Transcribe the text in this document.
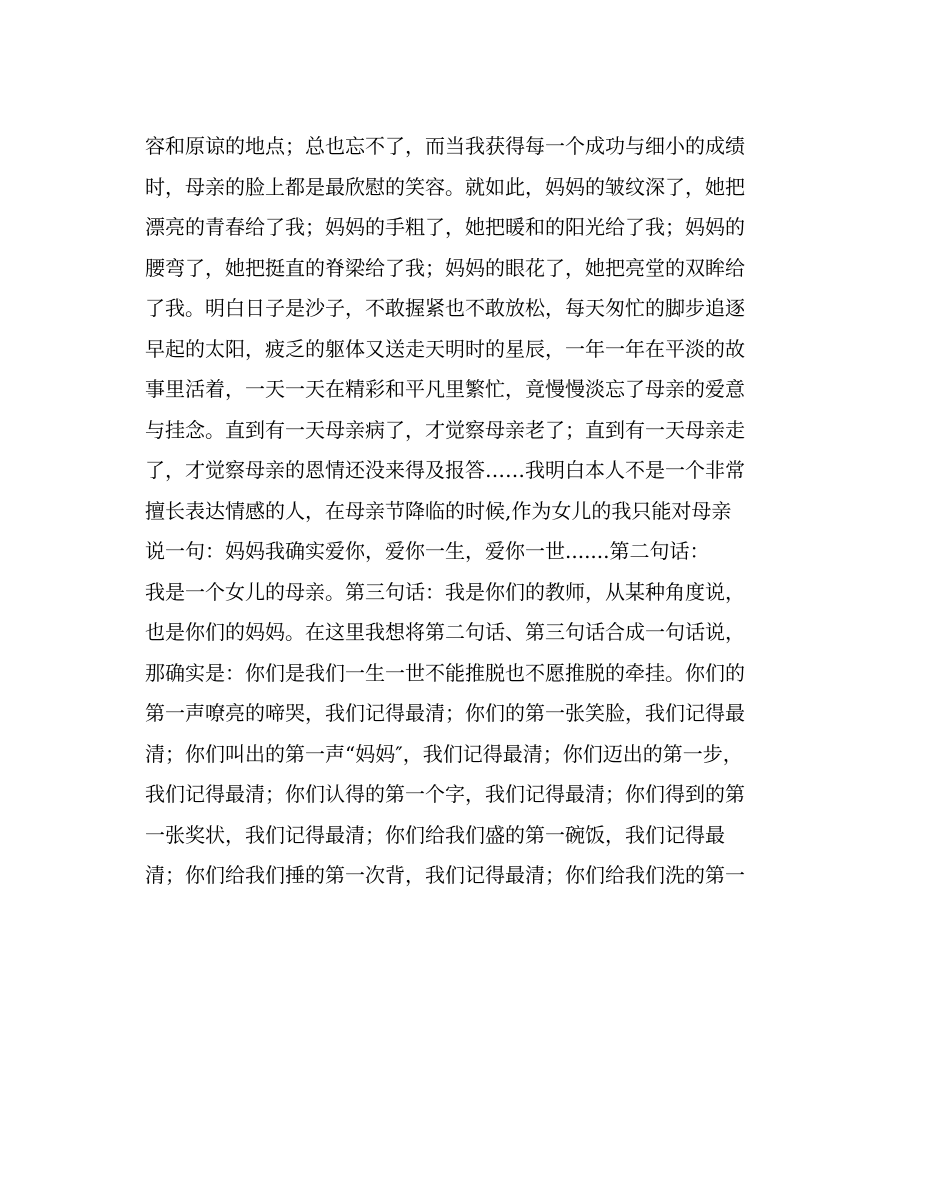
容和原谅的地点；总也忘不了，而当我获得每一个成功与细小的成绩
时，母亲的脸上都是最欣慰的笑容。就如此，妈妈的皱纹深了，她把
漂亮的青春给了我；妈妈的手粗了，她把暖和的阳光给了我；妈妈的
腰弯了，她把挺直的脊梁给了我；妈妈的眼花了，她把亮堂的双眸给
了我。明白日子是沙子，不敢握紧也不敢放松，每天匆忙的脚步追逐
早起的太阳，疲乏的躯体又送走天明时的星辰，一年一年在平淡的故
事里活着，一天一天在精彩和平凡里繁忙，竟慢慢淡忘了母亲的爱意
与挂念。直到有一天母亲病了，才觉察母亲老了；直到有一天母亲走
了，才觉察母亲的恩情还没来得及报答……我明白本人不是一个非常
擅长表达情感的人，在母亲节降临的时候,作为女儿的我只能对母亲
说一句：妈妈我确实爱你，爱你一生，爱你一世.......第二句话：
我是一个女儿的母亲。第三句话：我是你们的教师，从某种角度说，
也是你们的妈妈。在这里我想将第二句话、第三句话合成一句话说，
那确实是：你们是我们一生一世不能推脱也不愿推脱的牵挂。你们的
第一声嘹亮的啼哭，我们记得最清；你们的第一张笑脸，我们记得最
清；你们叫出的第一声“妈妈″，我们记得最清；你们迈出的第一步，
我们记得最清；你们认得的第一个字，我们记得最清；你们得到的第
一张奖状，我们记得最清；你们给我们盛的第一碗饭，我们记得最
清；你们给我们捶的第一次背，我们记得最清；你们给我们洗的第一
